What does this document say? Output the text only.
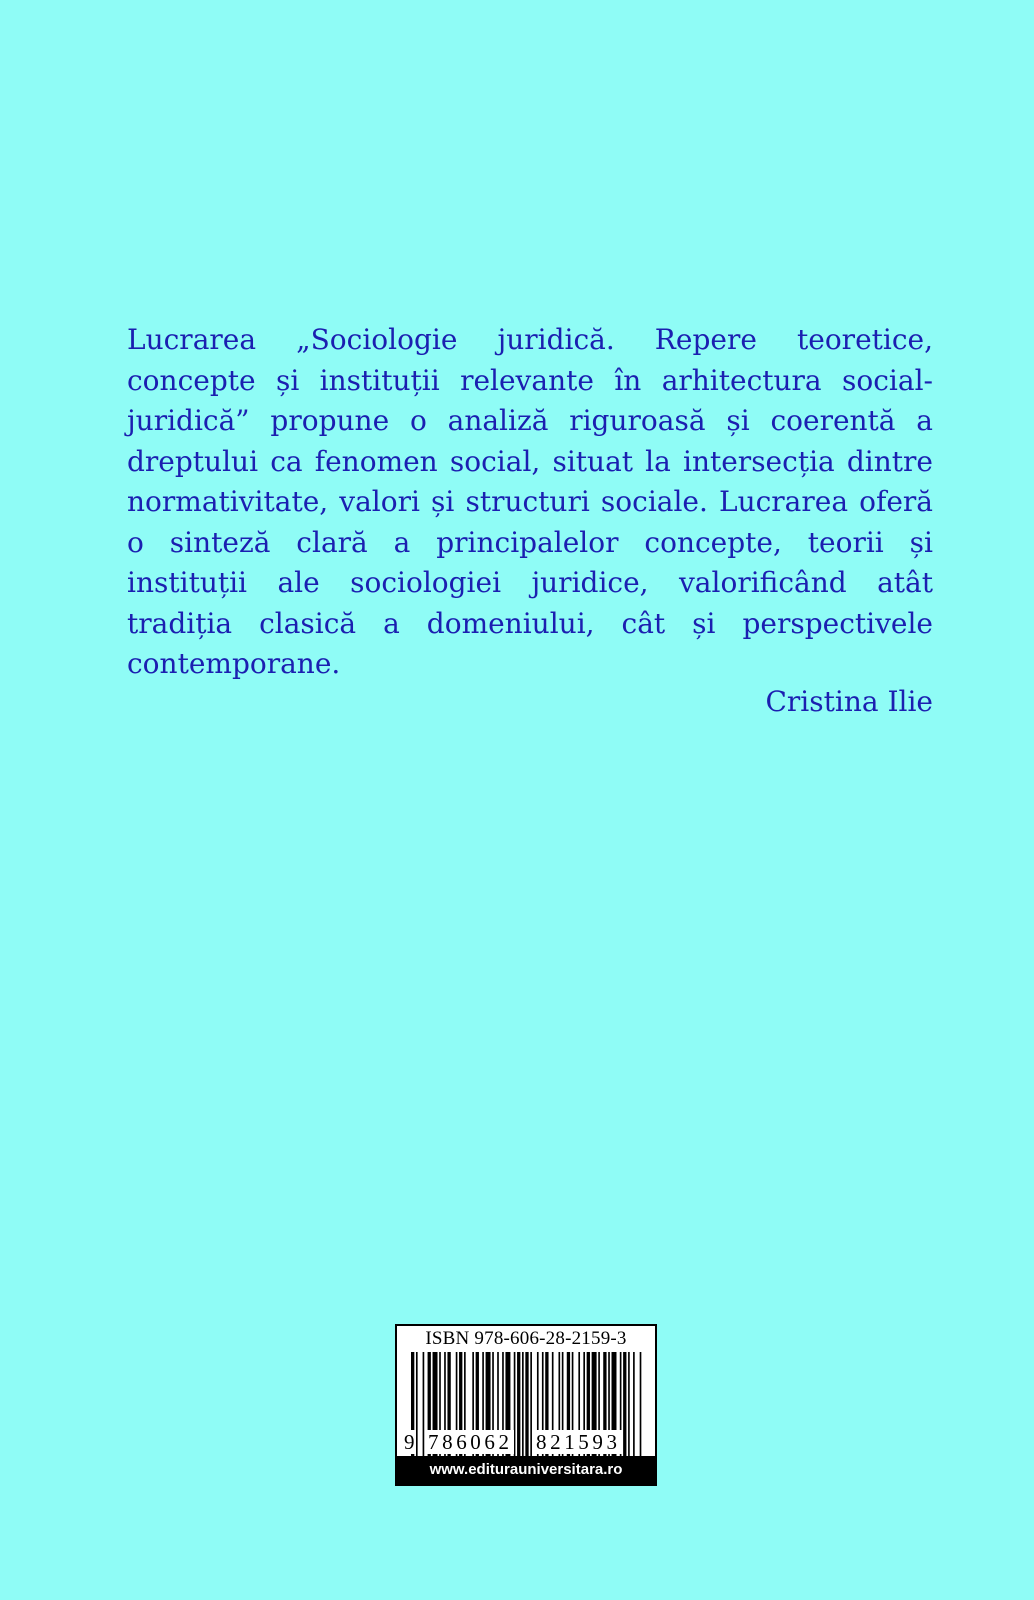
Lucrarea „Sociologie juridică. Repere teoretice, concepte și instituții relevante în arhitectura social-juridică” propune o analiză riguroasă și coerentă a dreptului ca fenomen social, situat la intersecția dintre normativitate, valori și structuri sociale. Lucrarea oferă o sinteză clară a principalelor concepte, teorii și instituții ale sociologiei juridice, valorificând atât tradiția clasică a domeniului, cât și perspectivele contemporane.

Cristina Ilie
ISBN 978-606-28-2159-3
9 786062 821593
www.editurauniversitara.ro
